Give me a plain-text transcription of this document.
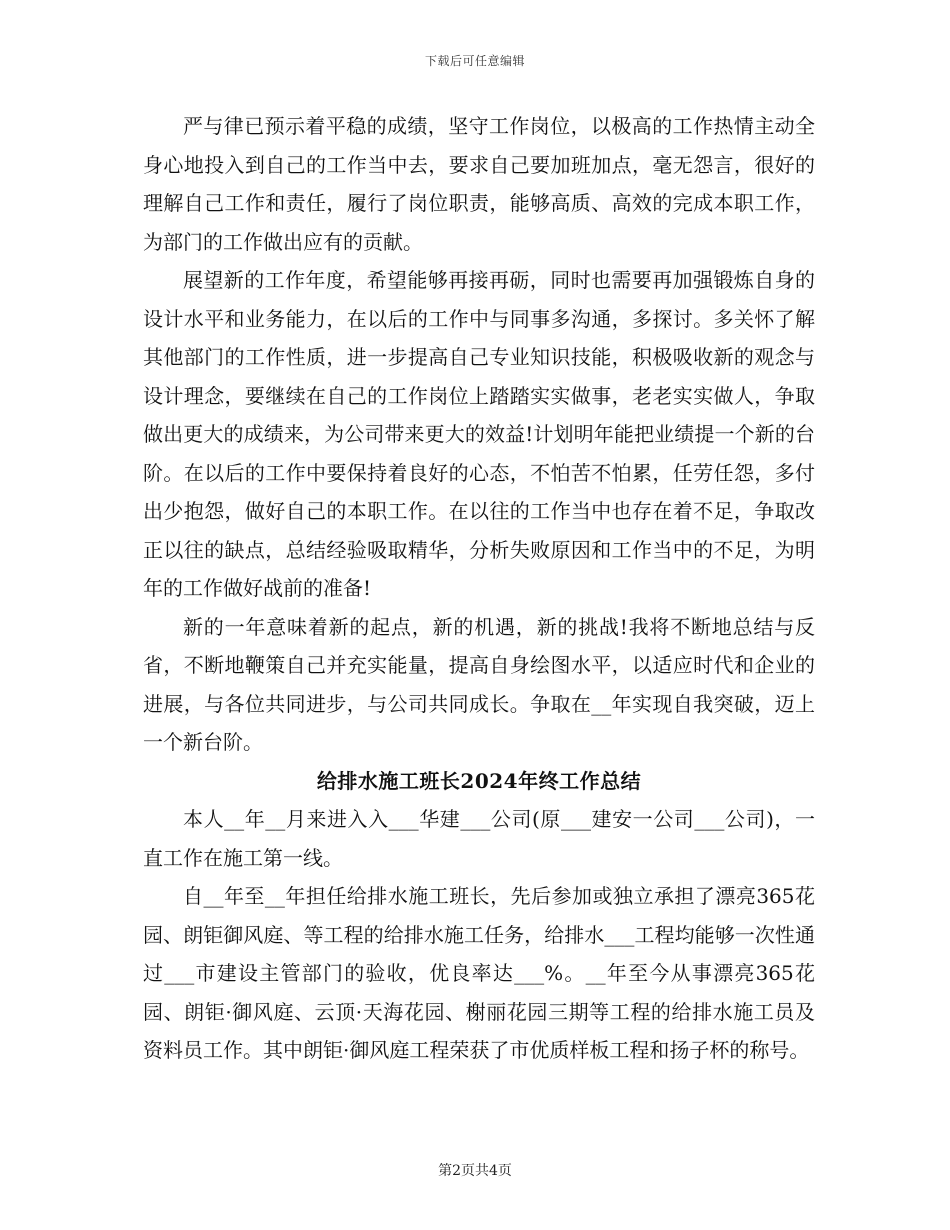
下载后可任意编辑

严与律已预示着平稳的成绩，坚守工作岗位，以极高的工作热情主动全身心地投入到自己的工作当中去，要求自己要加班加点，毫无怨言，很好的理解自己工作和责任，履行了岗位职责，能够高质、高效的完成本职工作，为部门的工作做出应有的贡献。

展望新的工作年度，希望能够再接再砺，同时也需要再加强锻炼自身的设计水平和业务能力，在以后的工作中与同事多沟通，多探讨。多关怀了解其他部门的工作性质，进一步提高自己专业知识技能，积极吸收新的观念与设计理念，要继续在自己的工作岗位上踏踏实实做事，老老实实做人，争取做出更大的成绩来，为公司带来更大的效益!计划明年能把业绩提一个新的台阶。在以后的工作中要保持着良好的心态，不怕苦不怕累，任劳任怨，多付出少抱怨，做好自己的本职工作。在以往的工作当中也存在着不足，争取改正以往的缺点，总结经验吸取精华，分析失败原因和工作当中的不足，为明年的工作做好战前的准备!

新的一年意味着新的起点，新的机遇，新的挑战!我将不断地总结与反省，不断地鞭策自己并充实能量，提高自身绘图水平，以适应时代和企业的进展，与各位共同进步，与公司共同成长。争取在__年实现自我突破，迈上一个新台阶。

给排水施工班长2024年终工作总结

本人__年__月来进入入___华建___公司(原___建安一公司___公司)，一直工作在施工第一线。

自__年至__年担任给排水施工班长，先后参加或独立承担了漂亮365花园、朗钜御风庭、等工程的给排水施工任务，给排水___工程均能够一次性通过___市建设主管部门的验收，优良率达___%。__年至今从事漂亮365花园、朗钜·御风庭、云顶·天海花园、榭丽花园三期等工程的给排水施工员及资料员工作。其中朗钜·御风庭工程荣获了市优质样板工程和扬子杯的称号。

第2页共4页
